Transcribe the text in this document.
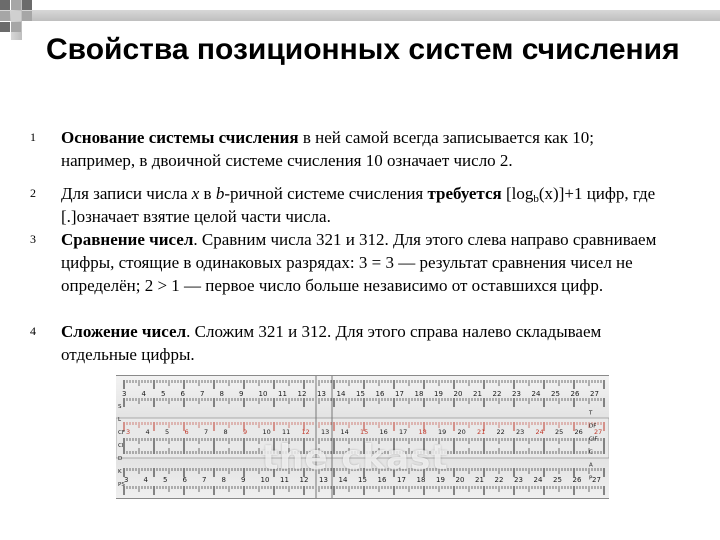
Свойства позиционных систем счисления
1 Основание системы счисления в ней самой всегда записывается как 10; например, в двоичной системе счисления 10 означает число 2.
2 Для записи числа x в b-ричной системе счисления требуется $[\log_b(x)]+1$ цифр, где [.]означает взятие целой части числа.
3 Сравнение чисел. Сравним числа 321 и 312. Для этого слева направо сравниваем цифры, стоящие в одинаковых разрядах: 3 = 3 — результат сравнения чисел не определён; 2 > 1 — первое число больше независимо от оставшихся цифр.
4 Сложение чисел. Сложим 321 и 312. Для этого справа налево складываем отдельные цифры.
3
3
3
4
4
4
5
5
5
6
6
6
7
7
7
8
8
8
9
9
9
10
10
10
11
11
11
12
12
12
13
13
13
14
14
14
15
15
15
16
16
16
17
17
17
18
18
18
19
19
19
20
20
20
21
21
21
22
22
22
23
23
23
24
24
24
25
25
25
26
26
26
27
27
27
S
T
L
DF
CF
CIF
CI
C
D
A
K
P
PS
the ckast
